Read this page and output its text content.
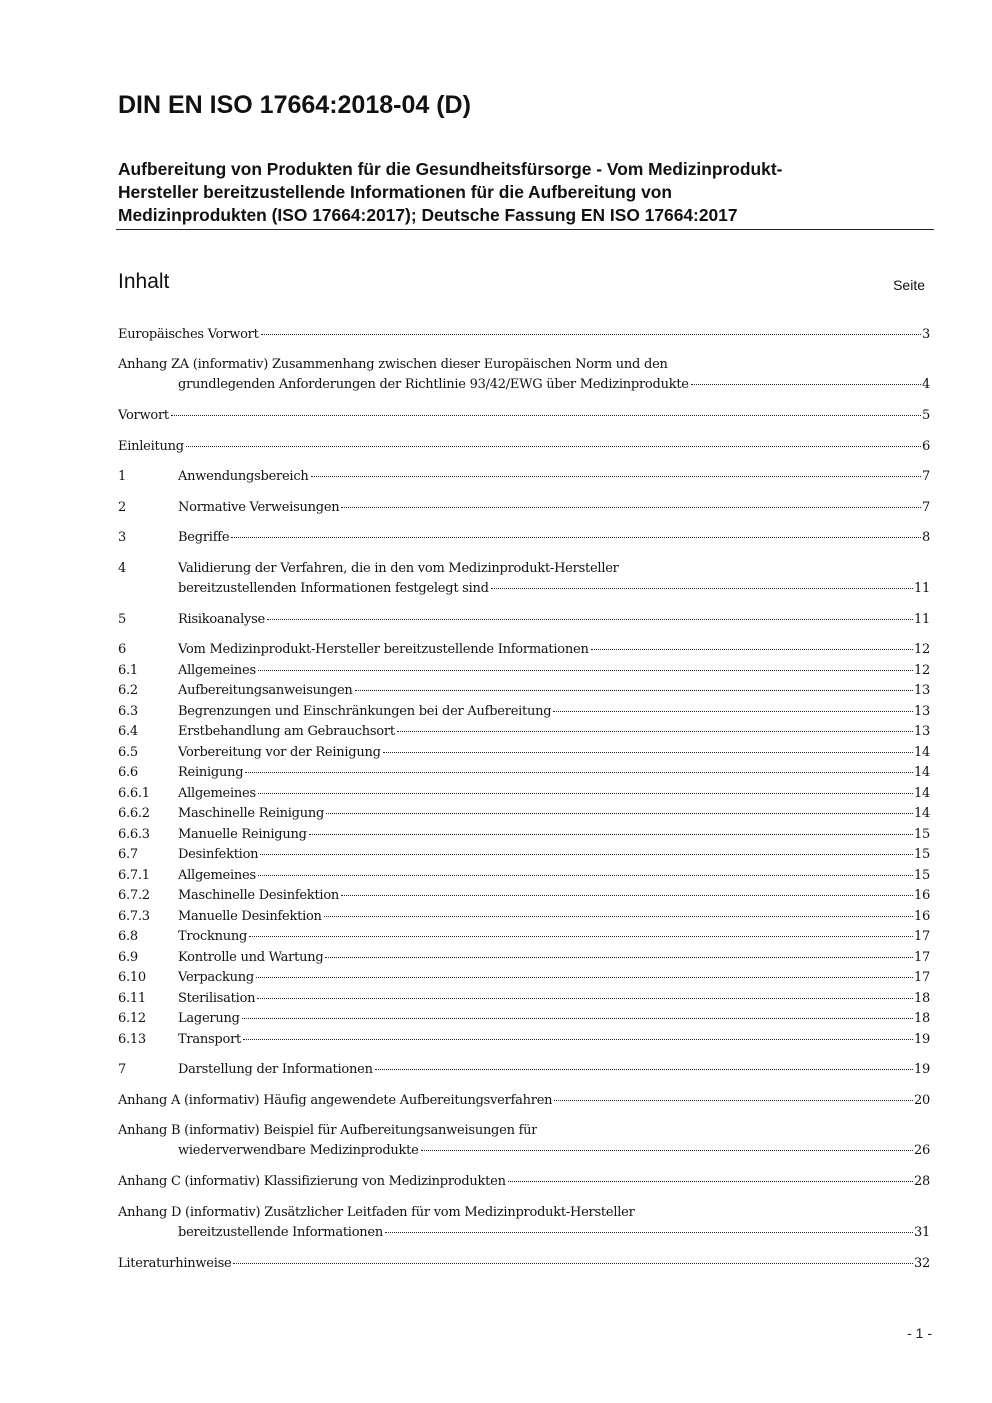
DIN EN ISO 17664:2018-04 (D)
Aufbereitung von Produkten für die Gesundheitsfürsorge - Vom Medizinprodukt-
Hersteller bereitzustellende Informationen für die Aufbereitung von
Medizinprodukten (ISO 17664:2017); Deutsche Fassung EN ISO 17664:2017
Inhalt	Seite
Europäisches Vorwort	3
Anhang ZA (informativ) Zusammenhang zwischen dieser Europäischen Norm und den
grundlegenden Anforderungen der Richtlinie 93/42/EWG über Medizinprodukte	4
Vorwort	5
Einleitung	6
1	Anwendungsbereich	7
2	Normative Verweisungen	7
3	Begriffe	8
4	Validierung der Verfahren, die in den vom Medizinprodukt-Hersteller
bereitzustellenden Informationen festgelegt sind	11
5	Risikoanalyse	11
6	Vom Medizinprodukt-Hersteller bereitzustellende Informationen	12
6.1	Allgemeines	12
6.2	Aufbereitungsanweisungen	13
6.3	Begrenzungen und Einschränkungen bei der Aufbereitung	13
6.4	Erstbehandlung am Gebrauchsort	13
6.5	Vorbereitung vor der Reinigung	14
6.6	Reinigung	14
6.6.1	Allgemeines	14
6.6.2	Maschinelle Reinigung	14
6.6.3	Manuelle Reinigung	15
6.7	Desinfektion	15
6.7.1	Allgemeines	15
6.7.2	Maschinelle Desinfektion	16
6.7.3	Manuelle Desinfektion	16
6.8	Trocknung	17
6.9	Kontrolle und Wartung	17
6.10	Verpackung	17
6.11	Sterilisation	18
6.12	Lagerung	18
6.13	Transport	19
7	Darstellung der Informationen	19
Anhang A (informativ) Häufig angewendete Aufbereitungsverfahren	20
Anhang B (informativ) Beispiel für Aufbereitungsanweisungen für
wiederverwendbare Medizinprodukte	26
Anhang C (informativ) Klassifizierung von Medizinprodukten	28
Anhang D (informativ) Zusätzlicher Leitfaden für vom Medizinprodukt-Hersteller
bereitzustellende Informationen	31
Literaturhinweise	32
- 1 -
